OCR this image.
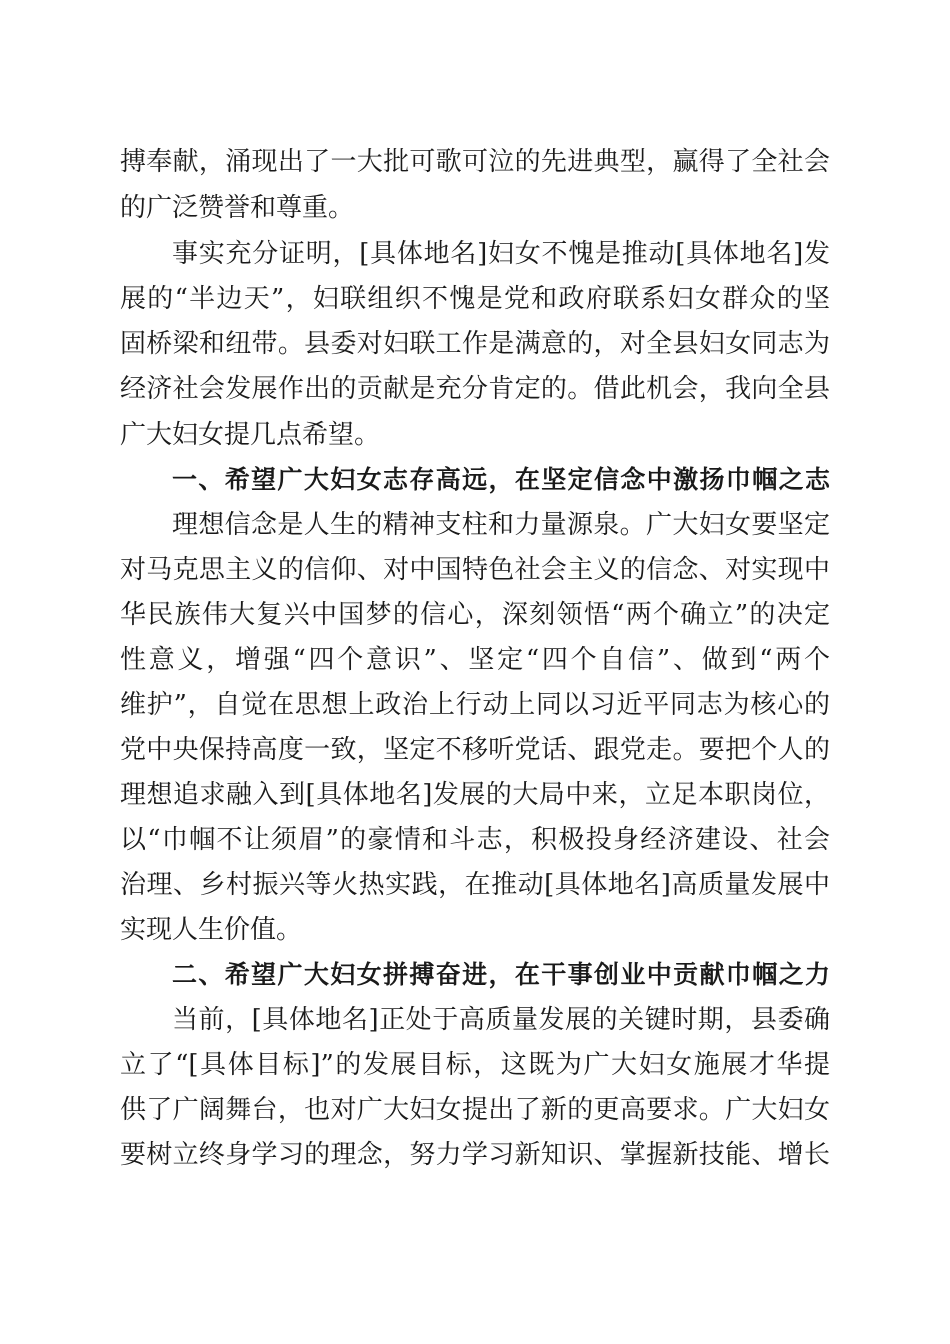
搏奉献，涌现出了一大批可歌可泣的先进典型，赢得了全社会
的广泛赞誉和尊重。
事实充分证明，[具体地名]妇女不愧是推动[具体地名]发
展的“半边天”，妇联组织不愧是党和政府联系妇女群众的坚
固桥梁和纽带。县委对妇联工作是满意的，对全县妇女同志为
经济社会发展作出的贡献是充分肯定的。借此机会，我向全县
广大妇女提几点希望。
一、希望广大妇女志存高远，在坚定信念中激扬巾帼之志
理想信念是人生的精神支柱和力量源泉。广大妇女要坚定
对马克思主义的信仰、对中国特色社会主义的信念、对实现中
华民族伟大复兴中国梦的信心，深刻领悟“两个确立”的决定
性意义，增强“四个意识”、坚定“四个自信”、做到“两个
维护”，自觉在思想上政治上行动上同以习近平同志为核心的
党中央保持高度一致，坚定不移听党话、跟党走。要把个人的
理想追求融入到[具体地名]发展的大局中来，立足本职岗位，
以“巾帼不让须眉”的豪情和斗志，积极投身经济建设、社会
治理、乡村振兴等火热实践，在推动[具体地名]高质量发展中
实现人生价值。
二、希望广大妇女拼搏奋进，在干事创业中贡献巾帼之力
当前，[具体地名]正处于高质量发展的关键时期，县委确
立了“[具体目标]”的发展目标，这既为广大妇女施展才华提
供了广阔舞台，也对广大妇女提出了新的更高要求。广大妇女
要树立终身学习的理念，努力学习新知识、掌握新技能、增长
